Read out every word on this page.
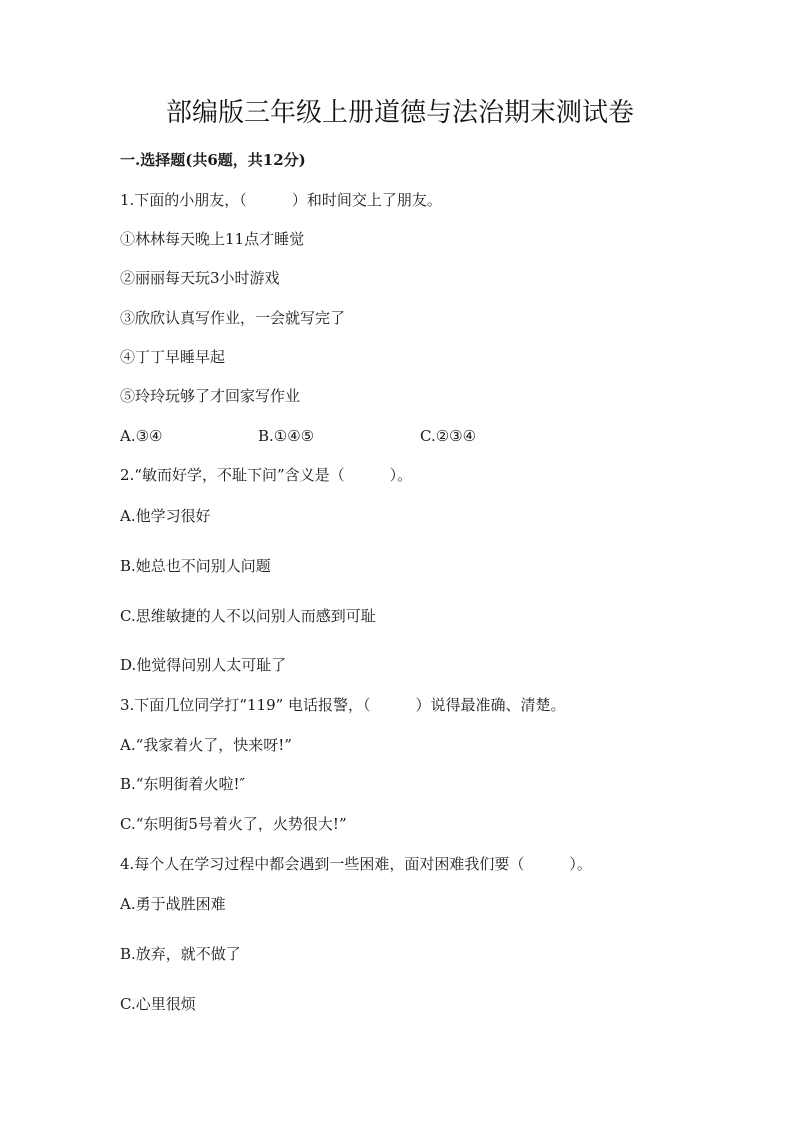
部编版三年级上册道德与法治期末测试卷
一.选择题(共6题，共12分)
1.下面的小朋友，（　　　）和时间交上了朋友。
①林林每天晚上11点才睡觉
②丽丽每天玩3小时游戏
③欣欣认真写作业，一会就写完了
④丁丁早睡早起
⑤玲玲玩够了才回家写作业
A.③④	B.①④⑤	C.②③④
2.“敏而好学，不耻下问”含义是（　　　）。
A.他学习很好
B.她总也不问别人问题
C.思维敏捷的人不以问别人而感到可耻
D.他觉得问别人太可耻了
3.下面几位同学打“119” 电话报警，（　　　）说得最准确、清楚。
A.“我家着火了，快来呀!”
B.“东明街着火啦!″
C.“东明街5号着火了，火势很大!”
4.每个人在学习过程中都会遇到一些困难，面对困难我们要（　　　）。
A.勇于战胜困难
B.放弃，就不做了
C.心里很烦
